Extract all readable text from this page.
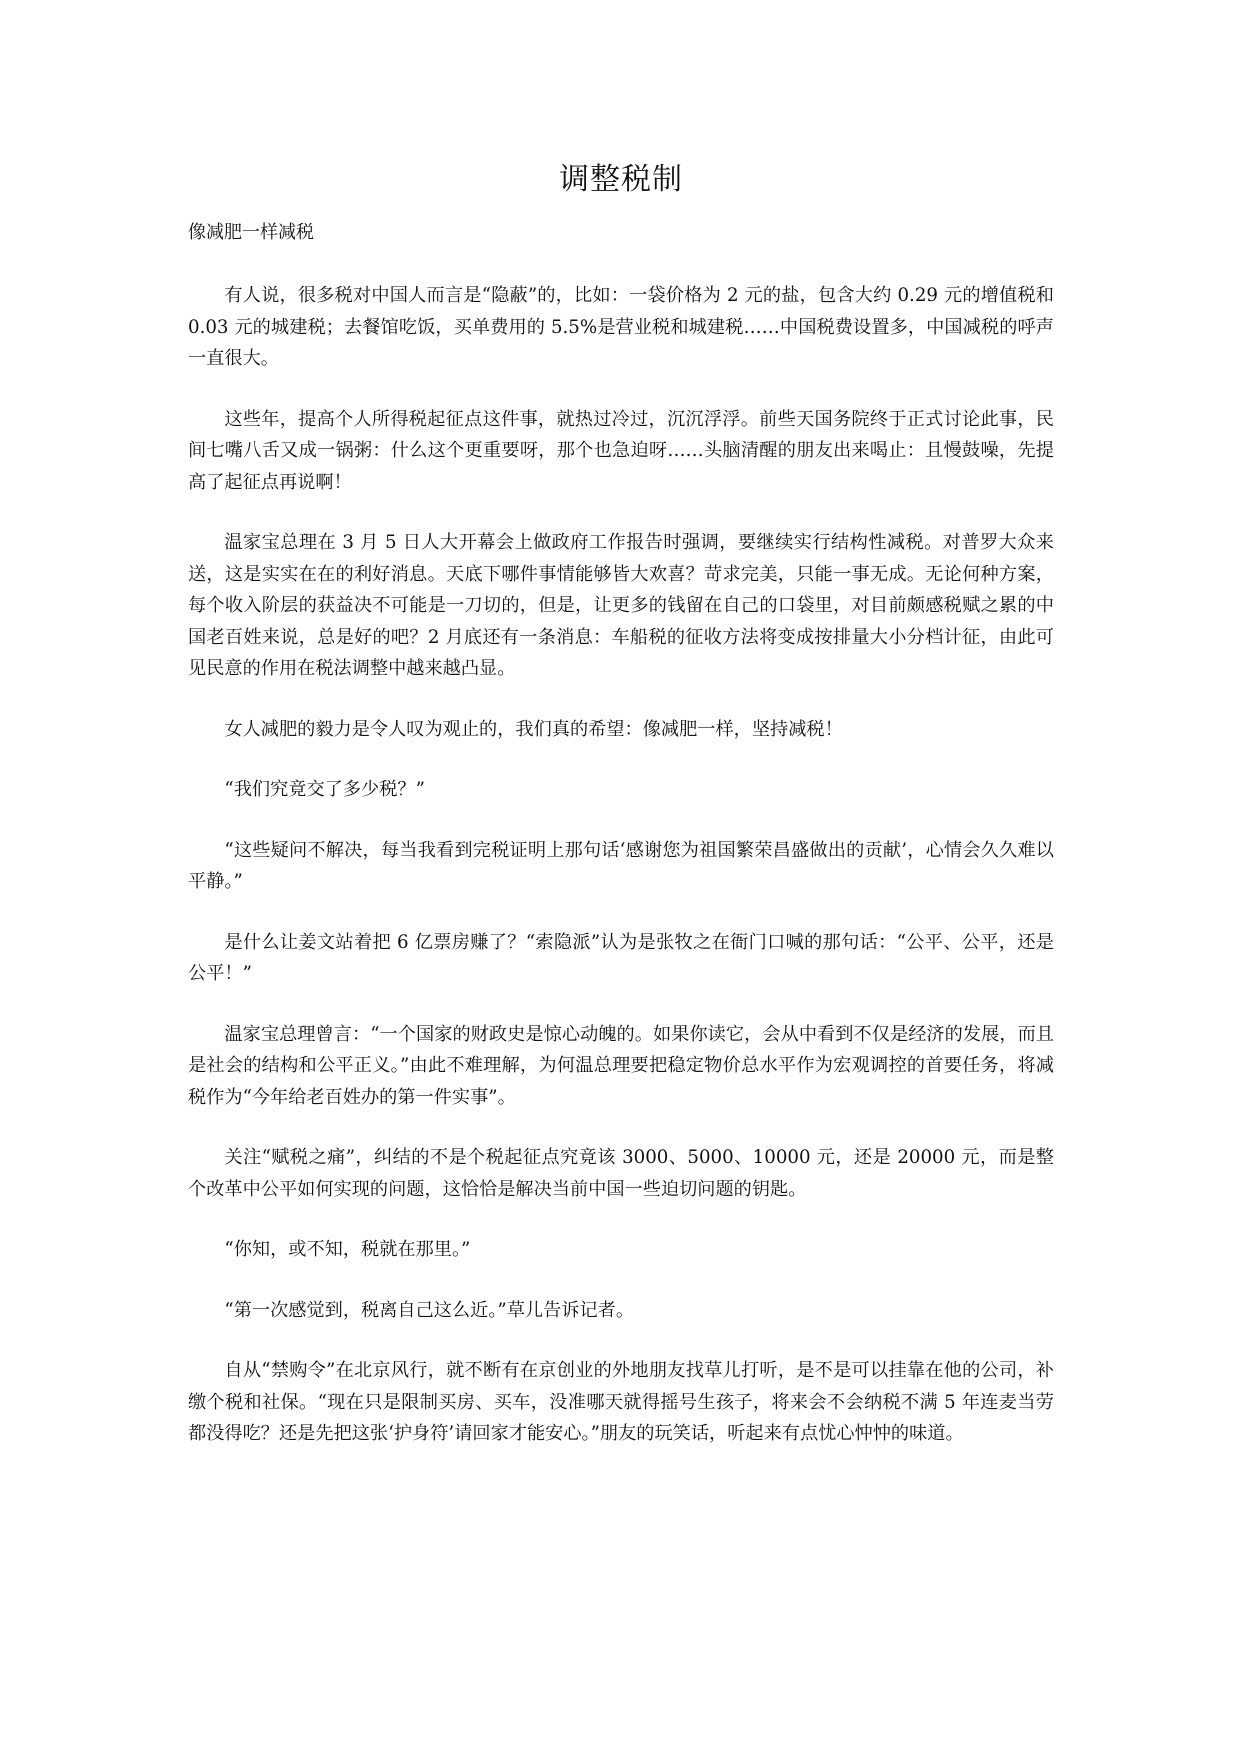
调整税制
像减肥一样减税

有人说，很多税对中国人而言是“隐蔽”的，比如：一袋价格为 2 元的盐，包含大约 0.29 元的增值税和 0.03 元的城建税；去餐馆吃饭，买单费用的 5.5%是营业税和城建税……中国税费设置多，中国减税的呼声一直很大。

这些年，提高个人所得税起征点这件事，就热过冷过，沉沉浮浮。前些天国务院终于正式讨论此事，民间七嘴八舌又成一锅粥：什么这个更重要呀，那个也急迫呀……头脑清醒的朋友出来喝止：且慢鼓噪，先提高了起征点再说啊！

温家宝总理在 3 月 5 日人大开幕会上做政府工作报告时强调，要继续实行结构性减税。对普罗大众来送，这是实实在在的利好消息。天底下哪件事情能够皆大欢喜？苛求完美，只能一事无成。无论何种方案，每个收入阶层的获益决不可能是一刀切的，但是，让更多的钱留在自己的口袋里，对目前颇感税赋之累的中国老百姓来说，总是好的吧？2 月底还有一条消息：车船税的征收方法将变成按排量大小分档计征，由此可见民意的作用在税法调整中越来越凸显。

女人减肥的毅力是令人叹为观止的，我们真的希望：像减肥一样，坚持减税！

“我们究竟交了多少税？”

“这些疑问不解决，每当我看到完税证明上那句话‘感谢您为祖国繁荣昌盛做出的贡献’，心情会久久难以平静。”

是什么让姜文站着把 6 亿票房赚了？“索隐派”认为是张牧之在衙门口喊的那句话：“公平、公平，还是公平！”

温家宝总理曾言：“一个国家的财政史是惊心动魄的。如果你读它，会从中看到不仅是经济的发展，而且是社会的结构和公平正义。”由此不难理解，为何温总理要把稳定物价总水平作为宏观调控的首要任务，将减税作为“今年给老百姓办的第一件实事”。

关注“赋税之痛”，纠结的不是个税起征点究竟该 3000、5000、10000 元，还是 20000 元，而是整个改革中公平如何实现的问题，这恰恰是解决当前中国一些迫切问题的钥匙。

“你知，或不知，税就在那里。”

“第一次感觉到，税离自己这么近。”草儿告诉记者。

自从“禁购令”在北京风行，就不断有在京创业的外地朋友找草儿打听，是不是可以挂靠在他的公司，补缴个税和社保。“现在只是限制买房、买车，没准哪天就得摇号生孩子，将来会不会纳税不满 5 年连麦当劳都没得吃？还是先把这张‘护身符’请回家才能安心。”朋友的玩笑话，听起来有点忧心忡忡的味道。
